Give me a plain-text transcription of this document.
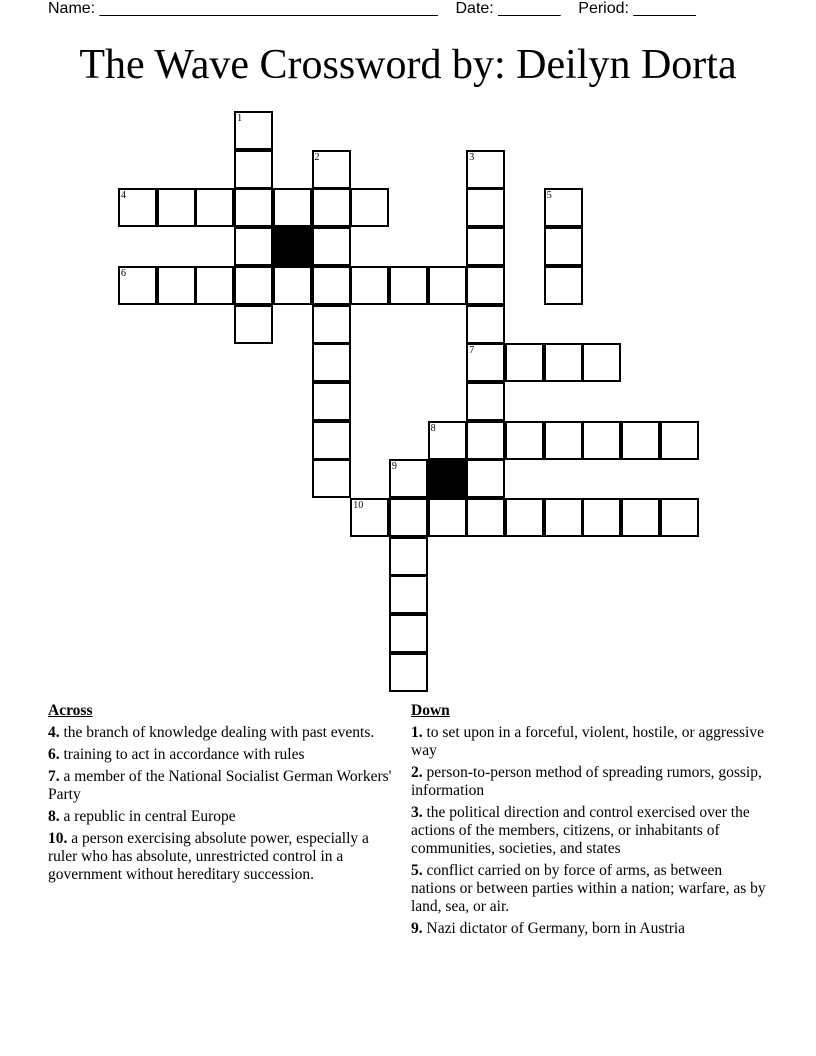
Name: ______________________________________ Date: _______ Period: _______
The Wave Crossword by: Deilyn Dorta
1
2	3
7
4	5
6
8
9
10
Across
4. the branch of knowledge dealing with past events.
6. training to act in accordance with rules
7. a member of the National Socialist German Workers' Party
8. a republic in central Europe
10. a person exercising absolute power, especially a ruler who has absolute, unrestricted control in a government without hereditary succession.
Down
1. to set upon in a forceful, violent, hostile, or aggressive way
2. person-to-person method of spreading rumors, gossip, information
3. the political direction and control exercised over the actions of the members, citizens, or inhabitants of communities, societies, and states
5. conflict carried on by force of arms, as between nations or between parties within a nation; warfare, as by land, sea, or air.
9. Nazi dictator of Germany, born in Austria
